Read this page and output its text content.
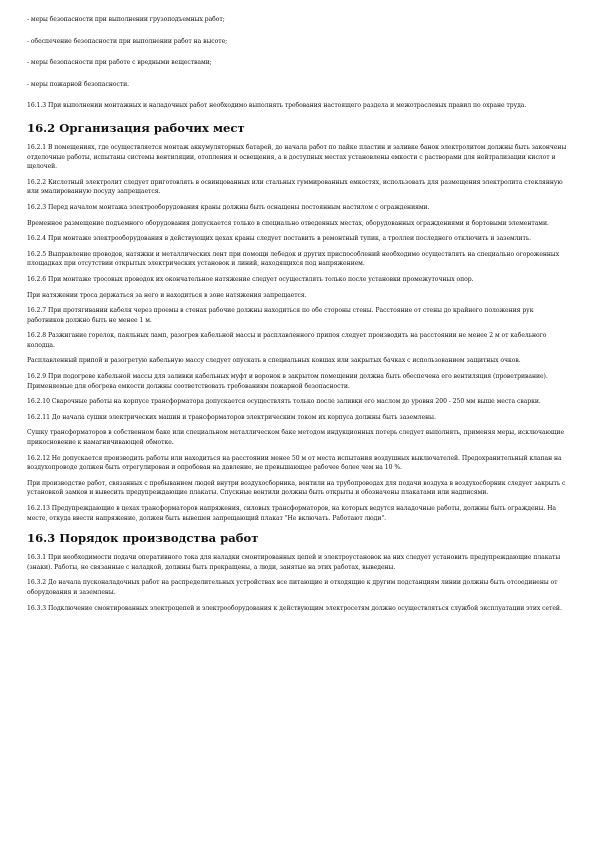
- меры безопасности при выполнении грузоподъемных работ;

- обеспечение безопасности при выполнении работ на высоте;

- меры безопасности при работе с вредными веществами;

- меры пожарной безопасности.

16.1.3 При выполнении монтажных и наладочных работ необходимо выполнять требования настоящего раздела и межотраслевых правил по охране труда.

16.2 Организация рабочих мест

16.2.1 В помещениях, где осуществляется монтаж аккумуляторных батарей, до начала работ по пайке пластин и заливке банок электролитом должны быть закончены отделочные работы, испытаны системы вентиляции, отопления и освещения, а в доступных местах установлены емкости с растворами для нейтрализации кислот и щелочей.

16.2.2 Кислотный электролит следует приготовлять в освинцованных или стальных гуммированных емкостях, использовать для размещения электролита стеклянную или эмалированную посуду запрещается.

16.2.3 Перед началом монтажа электрооборудования краны должны быть оснащены постоянным настилом с ограждениями.

Временное размещение подъемного оборудования допускается только в специально отведенных местах, оборудованных ограждениями и бортовыми элементами.

16.2.4 При монтаже электрооборудования в действующих цехах краны следует поставить в ремонтный тупик, а троллеи последнего отключить и заземлить.

16.2.5 Выправление проводов, натяжки и металлических лент при помощи лебедок и других приспособлений необходимо осуществлять на специально огороженных площадках при отсутствии открытых электрических установок и линий, находящихся под напряжением.

16.2.6 При монтаже тросовых проводок их окончательное натяжение следует осуществлять только после установки промежуточных опор.

При натяжении троса держаться за него и находиться в зоне натяжения запрещается.

16.2.7 При протягивании кабеля через проемы в стенах рабочие должны находиться по обе стороны стены. Расстояние от стены до крайнего положения рук работников должно быть не менее 1 м.

16.2.8 Разжигание горелок, паяльных ламп, разогрев кабельной массы и расплавленного припоя следует производить на расстоянии не менее 2 м от кабельного колодца.

Расплавленный припой и разогретую кабельную массу следует опускать в специальных ковшах или закрытых бачках с использованием защитных очков.

16.2.9 При подогреве кабельной массы для заливки кабельных муфт и воронок в закрытом помещении должна быть обеспечена его вентиляция (проветривание). Применяемые для обогрева емкости должны соответствовать требованиям пожарной безопасности.

16.2.10 Сварочные работы на корпусе трансформатора допускается осуществлять только после заливки его маслом до уровня 200 - 250 мм выше места сварки.

16.2.11 До начала сушки электрических машин и трансформаторов электрическим током их корпуса должны быть заземлены.

Сушку трансформаторов в собственном баке или специальном металлическом баке методом индукционных потерь следует выполнять, применяя меры, исключающие прикосновение к намагничивающей обмотке.

16.2.12 Не допускается производить работы или находиться на расстоянии менее 50 м от места испытания воздушных выключателей. Предохранительный клапан на воздухопроводе должен быть отрегулирован и опробован на давление, не превышающее рабочее более чем на 10 %.

При производстве работ, связанных с пребыванием людей внутри воздухосборника, вентили на трубопроводах для подачи воздуха в воздухосборник следует закрыть с установкой замков и вывесить предупреждающие плакаты. Спускные вентили должны быть открыты и обозначены плакатами или надписями.

16.2.13 Предупреждающие в цехах трансформаторов напряжения, силовых трансформаторов, на которых ведутся наладочные работы, должны быть ограждены. На месте, откуда ввести напряжение, должен быть вывешен запрещающий плакат "Не включать. Работают люди".

16.3 Порядок производства работ

16.3.1 При необходимости подачи оперативного тока для наладки смонтированных цепей и электроустановок на них следует установить предупреждающие плакаты (знаки). Работы, не связанные с наладкой, должны быть прекращены, а люди, занятые на этих работах, выведены.

16.3.2 До начала пусконаладочных работ на распределительных устройствах все питающие и отходящие к другим подстанциям линии должны быть отсоединены от оборудования и заземлены.

16.3.3 Подключение смонтированных электроцепей и электрооборудования к действующим электросетям должно осуществляться службой эксплуатации этих сетей.
